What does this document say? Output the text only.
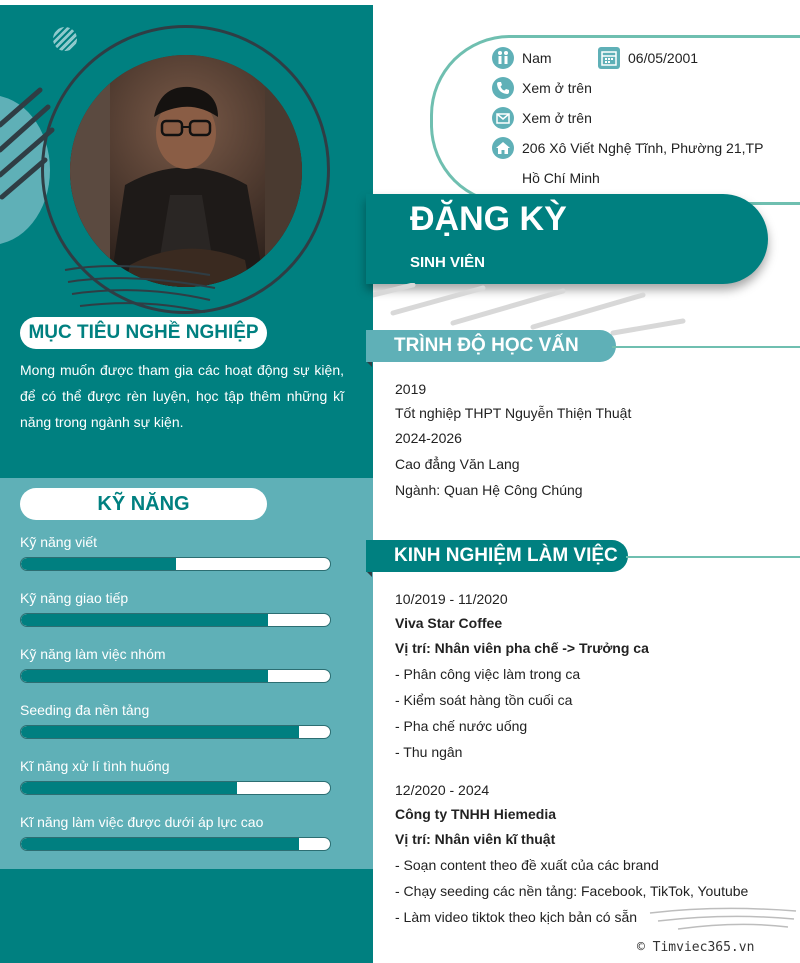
MỤC TIÊU NGHỀ NGHIỆP
Mong muốn được tham gia các hoạt động sự kiện, để có thể được rèn luyện, học tập thêm những kĩ năng trong ngành sự kiện.
KỸ NĂNG
Kỹ năng viết
Kỹ năng giao tiếp
Kỹ năng làm việc nhóm
Seeding đa nền tảng
Kĩ năng xử lí tình huống
Kĩ năng làm việc được dưới áp lực cao
Nam	06/05/2001
Xem ở trên
Xem ở trên
206 Xô Viết Nghệ Tĩnh, Phường 21,TP
Hồ Chí Minh
ĐẶNG KỲ
SINH VIÊN
TRÌNH ĐỘ HỌC VẤN
2019
Tốt nghiệp THPT Nguyễn Thiện Thuật
2024-2026
Cao đẳng Văn Lang
Ngành: Quan Hệ Công Chúng
KINH NGHIỆM LÀM VIỆC
10/2019 - 11/2020
Viva Star Coffee
Vị trí: Nhân viên pha chế -> Trưởng ca
- Phân công việc làm trong ca
- Kiểm soát hàng tồn cuối ca
- Pha chế nước uống
- Thu ngân
12/2020 - 2024
Công ty TNHH Hiemedia
Vị trí: Nhân viên kĩ thuật
- Soạn content theo đề xuất của các brand
- Chạy seeding các nền tảng: Facebook, TikTok, Youtube
- Làm video tiktok theo kịch bản có sẵn
© Timviec365.vn
